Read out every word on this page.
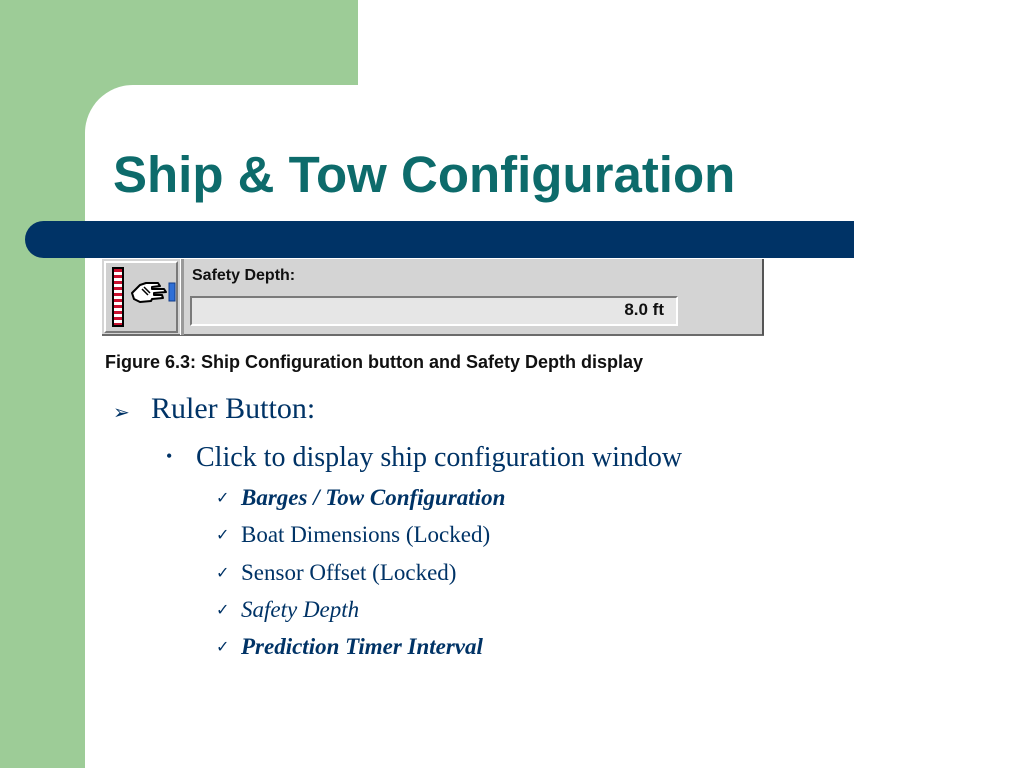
Ship & Tow Configuration
Safety Depth:
8.0 ft
Figure 6.3: Ship Configuration button and Safety Depth display
➢ Ruler Button:
• Click to display ship configuration window
✓ Barges / Tow Configuration
✓ Boat Dimensions (Locked)
✓ Sensor Offset (Locked)
✓ Safety Depth
✓ Prediction Timer Interval
